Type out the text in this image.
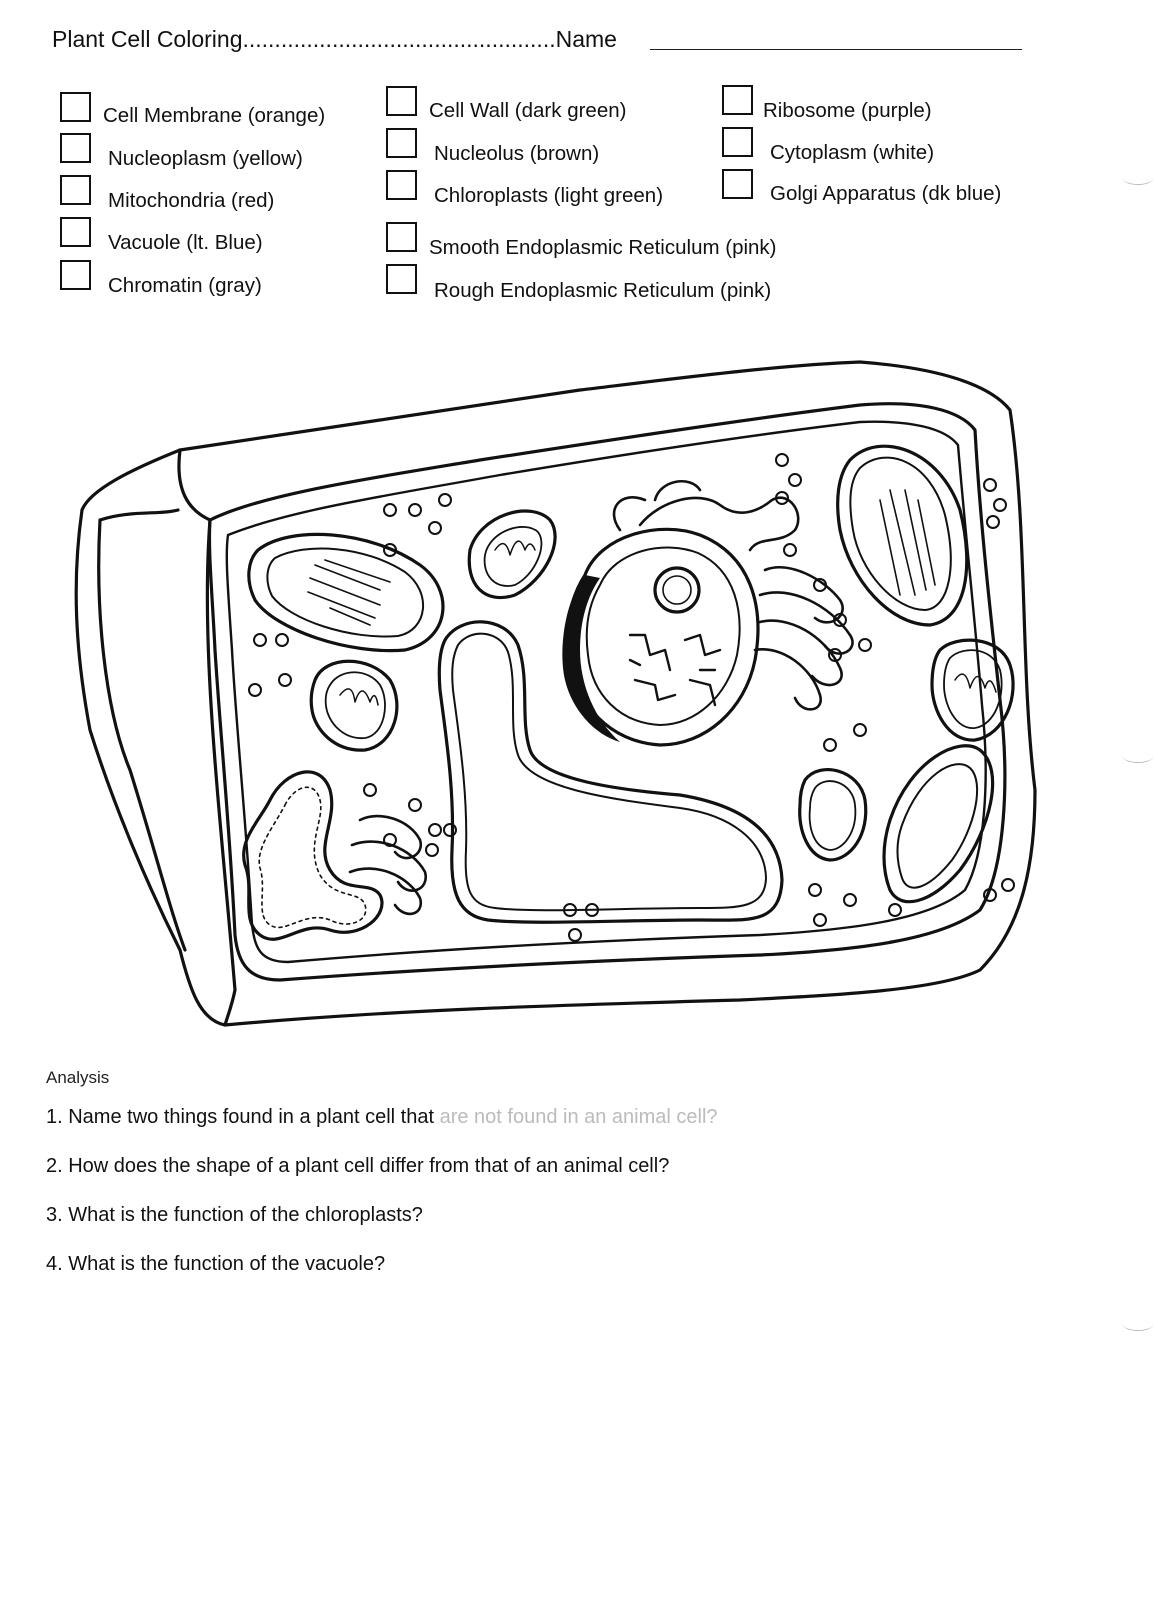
Plant Cell Coloring.................................................Name
Cell Membrane (orange)
Nucleoplasm (yellow)
Mitochondria (red)
Vacuole (lt. Blue)
Chromatin (gray)
Cell Wall (dark green)
Nucleolus (brown)
Chloroplasts (light green)
Smooth Endoplasmic Reticulum (pink)
Rough Endoplasmic Reticulum (pink)
Ribosome (purple)
Cytoplasm (white)
Golgi Apparatus (dk blue)
Analysis
1. Name two things found in a plant cell that are not found in an animal cell?
2. How does the shape of a plant cell differ from that of an animal cell?
3. What is the function of the chloroplasts?
4. What is the function of the vacuole?
